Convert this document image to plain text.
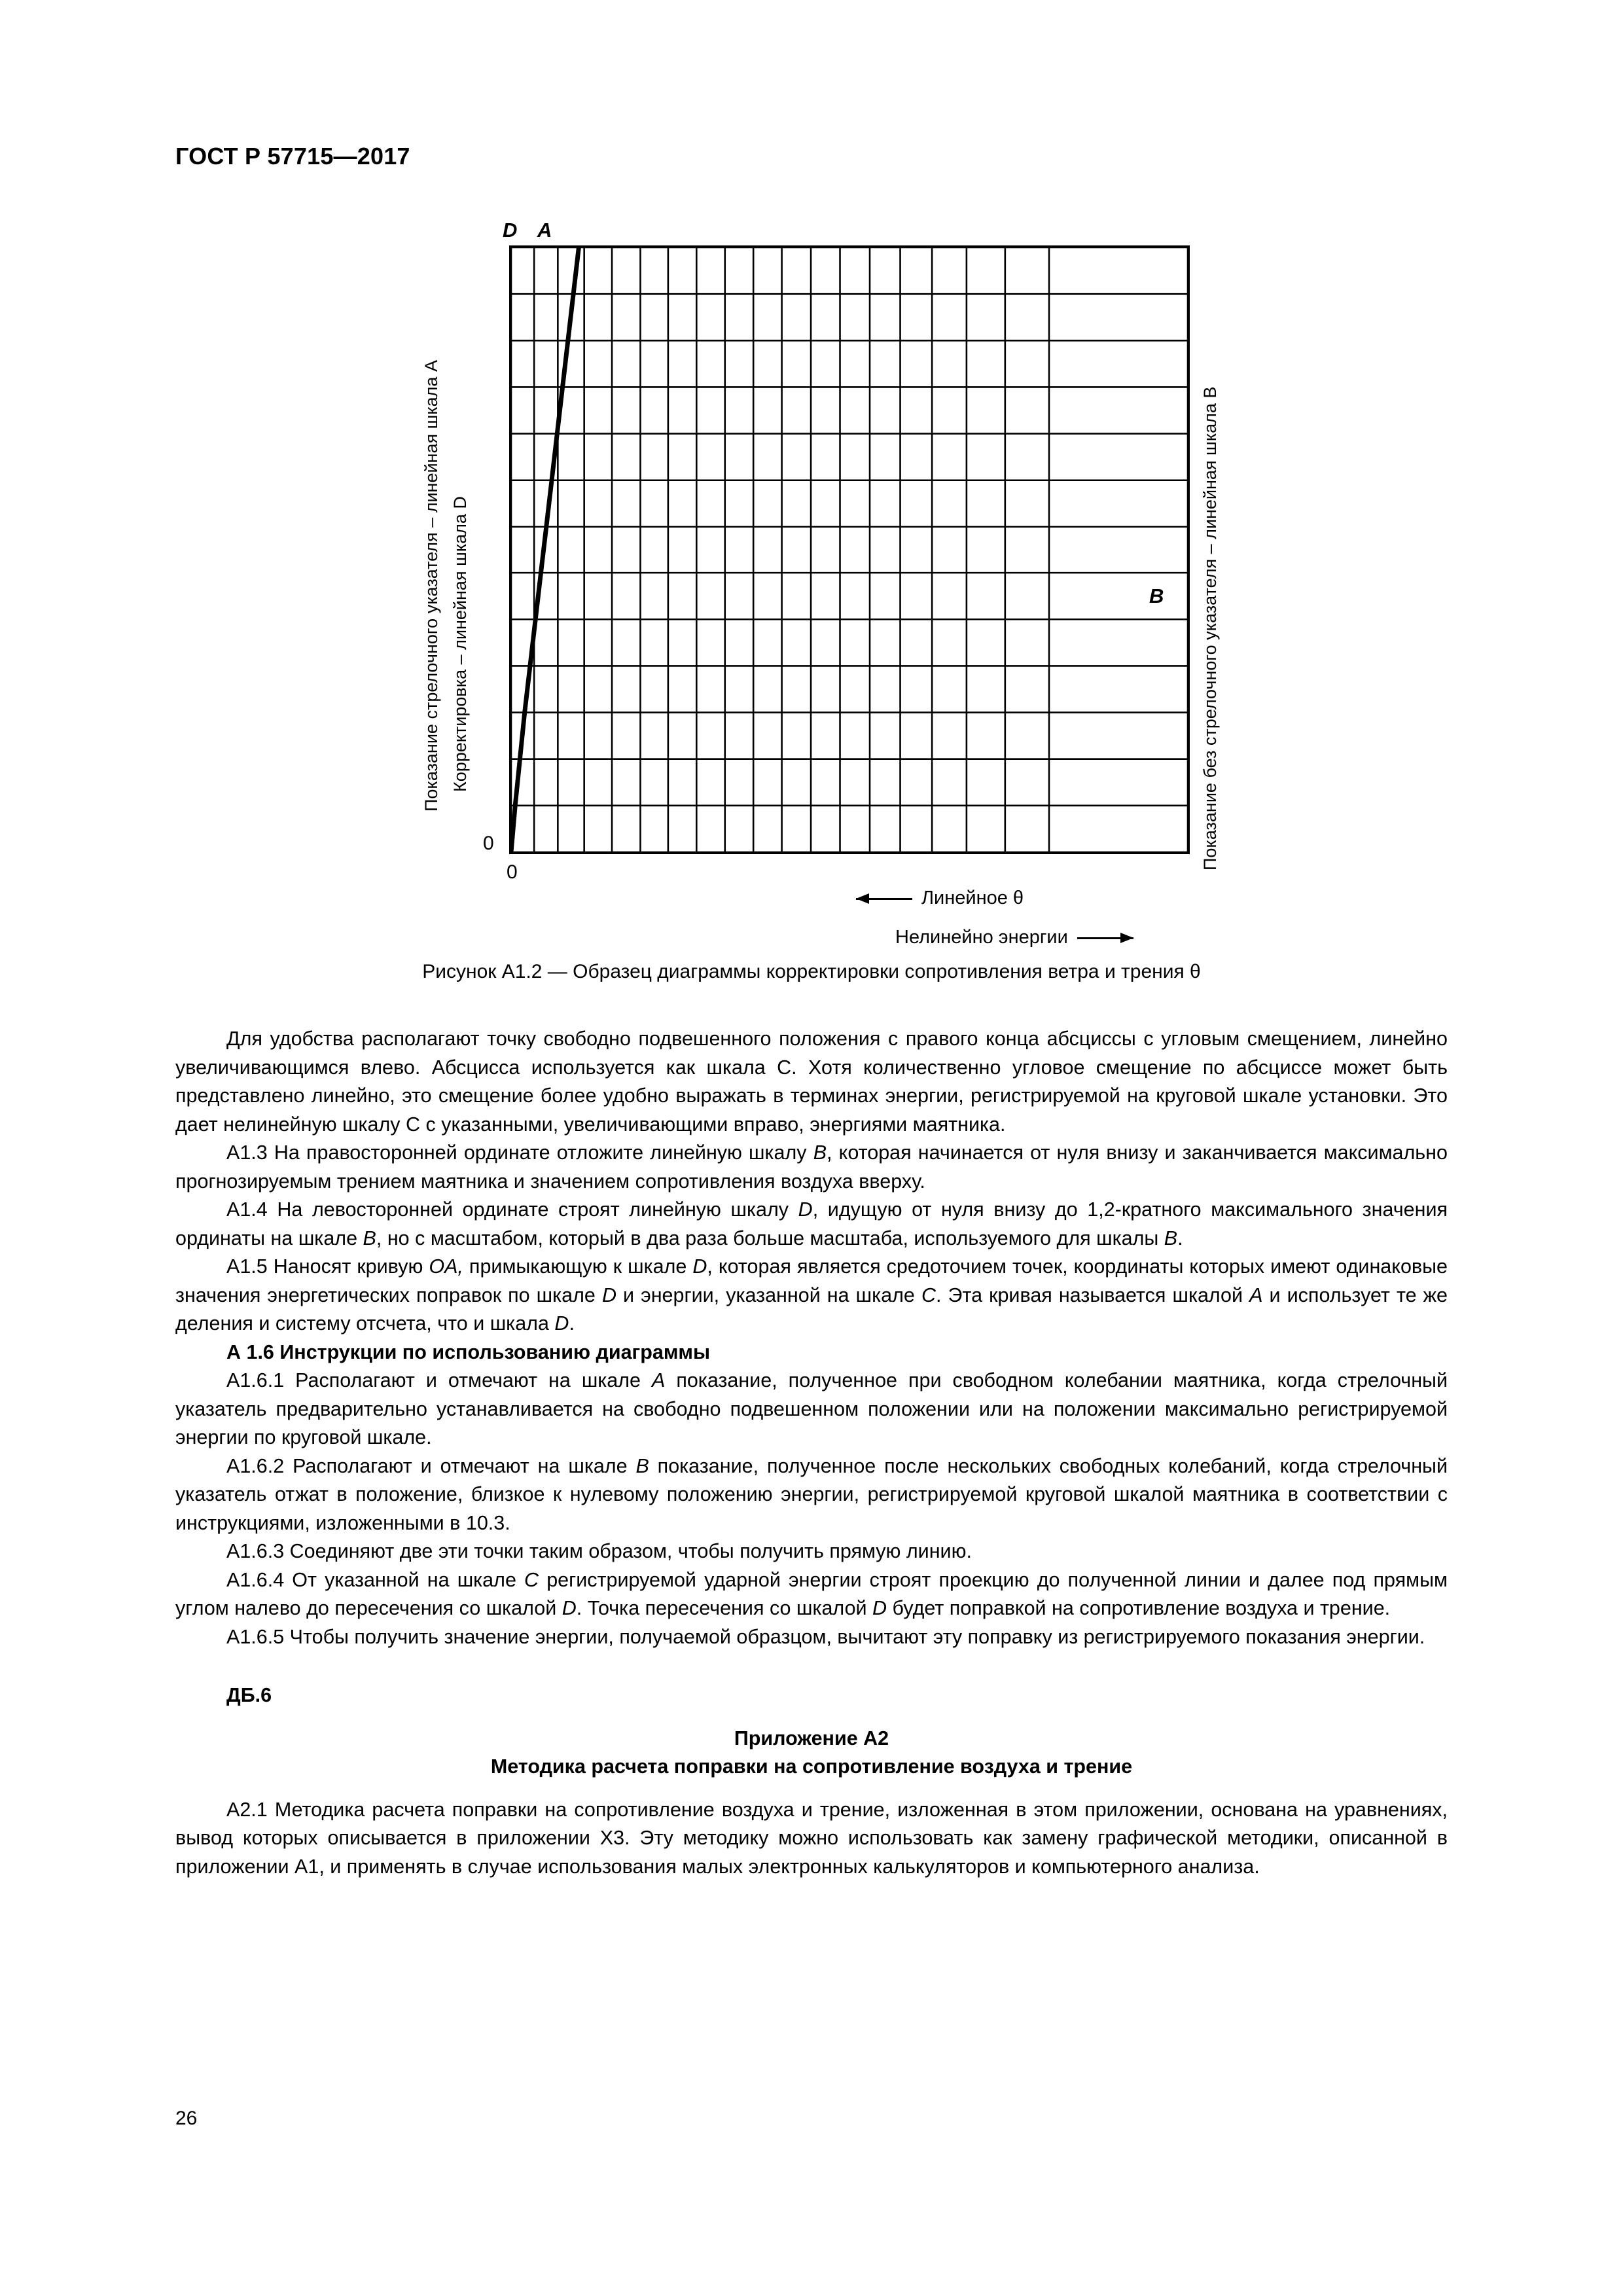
ГОСТ Р 57715—2017
Показание стрелочного указателя – линейная шкала A Корректировка – линейная шкала D	Показание без стрелочного указателя – линейная шкала B
D A
B
0
0
Линейное θ
Нелинейно энергии
Рисунок А1.2 — Образец диаграммы корректировки сопротивления ветра и трения θ

Для удобства располагают точку свободно подвешенного положения с правого конца абсциссы с угловым смещением, линейно увеличивающимся влево. Абсцисса используется как шкала C. Хотя количественно угловое смещение по абсциссе может быть представлено линейно, это смещение более удобно выражать в терминах энергии, регистрируемой на круговой шкале установки. Это дает нелинейную шкалу C с указанными, увеличивающими вправо, энергиями маятника.

А1.3 На правосторонней ординате отложите линейную шкалу B, которая начинается от нуля внизу и заканчивается максимально прогнозируемым трением маятника и значением сопротивления воздуха вверху.

А1.4 На левосторонней ординате строят линейную шкалу D, идущую от нуля внизу до 1,2-кратного максимального значения ординаты на шкале B, но с масштабом, который в два раза больше масштаба, используемого для шкалы B.

А1.5 Наносят кривую OA, примыкающую к шкале D, которая является средоточием точек, координаты которых имеют одинаковые значения энергетических поправок по шкале D и энергии, указанной на шкале C. Эта кривая называется шкалой A и использует те же деления и систему отсчета, что и шкала D.

А 1.6 Инструкции по использованию диаграммы

А1.6.1 Располагают и отмечают на шкале A показание, полученное при свободном колебании маятника, когда стрелочный указатель предварительно устанавливается на свободно подвешенном положении или на положении максимально регистрируемой энергии по круговой шкале.

А1.6.2 Располагают и отмечают на шкале B показание, полученное после нескольких свободных колебаний, когда стрелочный указатель отжат в положение, близкое к нулевому положению энергии, регистрируемой круговой шкалой маятника в соответствии с инструкциями, изложенными в 10.3.

А1.6.3 Соединяют две эти точки таким образом, чтобы получить прямую линию.

А1.6.4 От указанной на шкале C регистрируемой ударной энергии строят проекцию до полученной линии и далее под прямым углом налево до пересечения со шкалой D. Точка пересечения со шкалой D будет поправкой на сопротивление воздуха и трение.

А1.6.5 Чтобы получить значение энергии, получаемой образцом, вычитают эту поправку из регистрируемого показания энергии.

ДБ.6

Приложение А2

Методика расчета поправки на сопротивление воздуха и трение

А2.1 Методика расчета поправки на сопротивление воздуха и трение, изложенная в этом приложении, основана на уравнениях, вывод которых описывается в приложении Х3. Эту методику можно использовать как замену графической методики, описанной в приложении А1, и применять в случае использования малых электронных калькуляторов и компьютерного анализа.

26
